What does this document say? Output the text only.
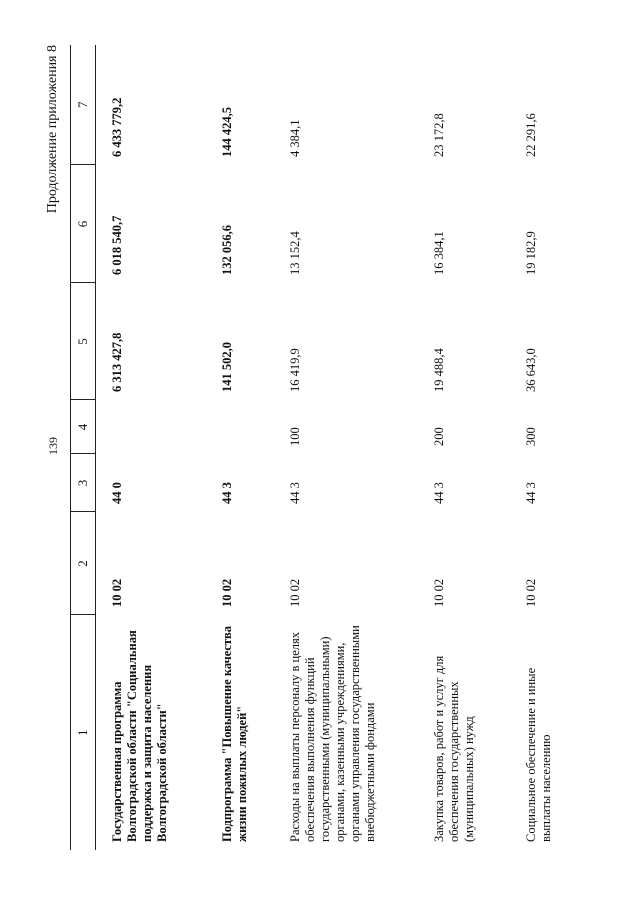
139
Продолжение приложения 8
1	2	3	4	5	6	7
Государственная программа Волгоградской области "Социальная поддержка и защита населения Волгоградской области"	10 02	44 0		6 313 427,8	6 018 540,7	6 433 779,2
Подпрограмма "Повышение качества жизни пожилых людей"	10 02	44 3		141 502,0	132 056,6	144 424,5
Расходы на выплаты персоналу в целях обеспечения выполнения функций государственными (муниципальными) органами, казенными учреждениями, органами управления государственными внебюджетными фондами	10 02	44 3	100	16 419,9	13 152,4	4 384,1
Закупка товаров, работ и услуг для обеспечения государственных (муниципальных) нужд	10 02	44 3	200	19 488,4	16 384,1	23 172,8
Социальное обеспечение и иные выплаты населению	10 02	44 3	300	36 643,0	19 182,9	22 291,6
